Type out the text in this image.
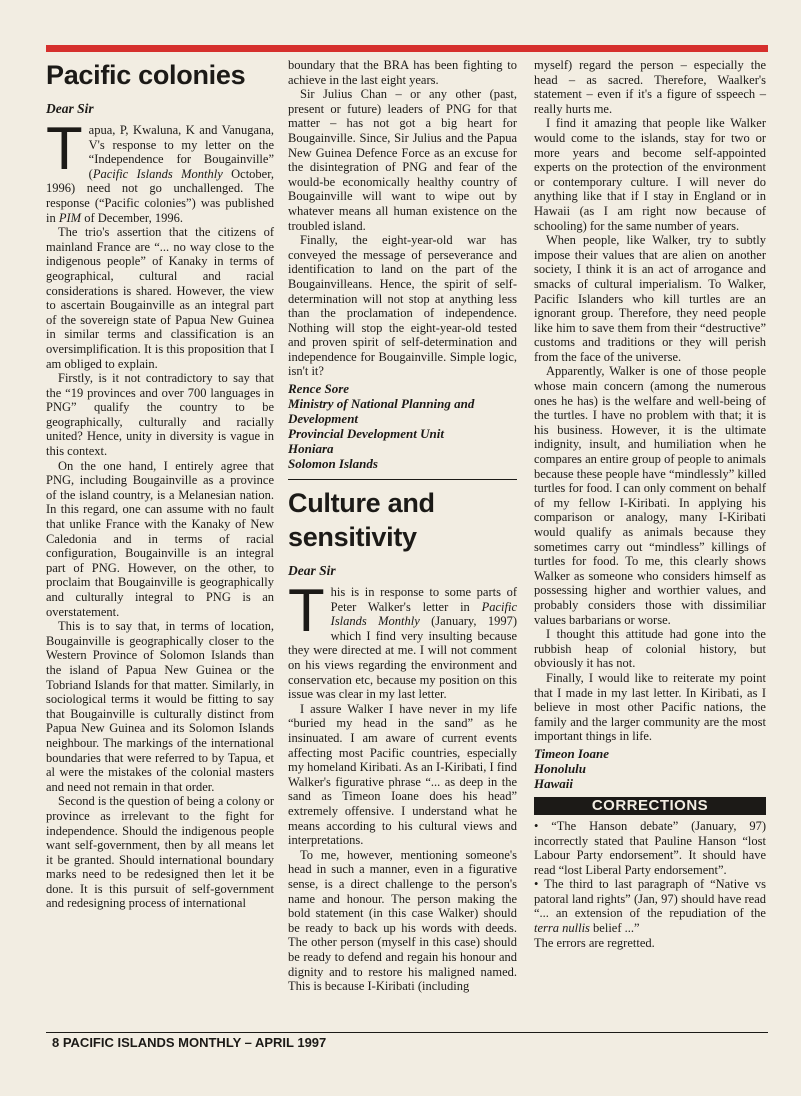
Pacific colonies
Dear Sir

Tapua, P, Kwaluna, K and Vanugana, V's response to my letter on the “Independence for Bougainville” (Pacific Islands Monthly October, 1996) need not go unchallenged. The response (“Pacific colonies”) was published in PIM of December, 1996.

The trio's assertion that the citizens of mainland France are “... no way close to the indigenous people” of Kanaky in terms of geographical, cultural and racial considerations is shared. However, the view to ascertain Bougainville as an integral part of the sovereign state of Papua New Guinea in similar terms and classification is an oversimplification. It is this proposition that I am obliged to explain.

Firstly, is it not contradictory to say that the “19 provinces and over 700 languages in PNG” qualify the country to be geographically, culturally and racially united? Hence, unity in diversity is vague in this context.

On the one hand, I entirely agree that PNG, including Bougainville as a province of the island country, is a Melanesian nation. In this regard, one can assume with no fault that unlike France with the Kanaky of New Caledonia and in terms of racial configuration, Bougainville is an integral part of PNG. However, on the other, to proclaim that Bougainville is geographically and culturally integral to PNG is an overstatement.

This is to say that, in terms of location, Bougainville is geographically closer to the Western Province of Solomon Islands than the island of Papua New Guinea or the Tobriand Islands for that matter. Similarly, in sociological terms it would be fitting to say that Bougainville is culturally distinct from Papua New Guinea and its Solomon Islands neighbour. The markings of the international boundaries that were referred to by Tapua, et al were the mistakes of the colonial masters and need not remain in that order.

Second is the question of being a colony or province as irrelevant to the fight for independence. Should the indigenous people want self-government, then by all means let it be granted. Should international boundary marks need to be redesigned then let it be done. It is this pursuit of self-government and redesigning process of international

boundary that the BRA has been fighting to achieve in the last eight years.

Sir Julius Chan – or any other (past, present or future) leaders of PNG for that matter – has not got a big heart for Bougainville. Since, Sir Julius and the Papua New Guinea Defence Force as an excuse for the disintegration of PNG and fear of the would-be economically healthy country of Bougainville will want to wipe out by whatever means all human existence on the troubled island.

Finally, the eight-year-old war has conveyed the message of perseverance and identification to land on the part of the Bougainvilleans. Hence, the spirit of self-determination will not stop at anything less than the proclamation of independence. Nothing will stop the eight-year-old tested and proven spirit of self-determination and independence for Bougainville. Simple logic, isn't it?

Rence Sore
Ministry of National Planning and Development
Provincial Development Unit
Honiara
Solomon Islands
Culture and sensitivity
Dear Sir

This is in response to some parts of Peter Walker's letter in Pacific Islands Monthly (January, 1997) which I find very insulting because they were directed at me. I will not comment on his views regarding the environment and conservation etc, because my position on this issue was clear in my last letter.

I assure Walker I have never in my life “buried my head in the sand” as he insinuated. I am aware of current events affecting most Pacific countries, especially my homeland Kiribati. As an I-Kiribati, I find Walker's figurative phrase “... as deep in the sand as Timeon Ioane does his head” extremely offensive. I understand what he means according to his cultural views and interpretations.

To me, however, mentioning someone's head in such a manner, even in a figurative sense, is a direct challenge to the person's name and honour. The person making the bold statement (in this case Walker) should be ready to back up his words with deeds. The other person (myself in this case) should be ready to defend and regain his honour and dignity and to restore his maligned named. This is because I-Kiribati (including

myself) regard the person – especially the head – as sacred. Therefore, Waalker's statement – even if it's a figure of sspeech – really hurts me.

I find it amazing that people like Walker would come to the islands, stay for two or more years and become self-appointed experts on the protection of the environment or contemporary culture. I will never do anything like that if I stay in England or in Hawaii (as I am right now because of schooling) for the same number of years.

When people, like Walker, try to subtly impose their values that are alien on another society, I think it is an act of arrogance and smacks of cultural imperialism. To Walker, Pacific Islanders who kill turtles are an ignorant group. Therefore, they need people like him to save them from their “destructive” customs and traditions or they will perish from the face of the universe.

Apparently, Walker is one of those people whose main concern (among the numerous ones he has) is the welfare and well-being of the turtles. I have no problem with that; it is his business. However, it is the ultimate indignity, insult, and humiliation when he compares an entire group of people to animals because these people have “mindlessly” killed turtles for food. I can only comment on behalf of my fellow I-Kiribati. In applying his comparison or analogy, many I-Kiribati would qualify as animals because they sometimes carry out “mindless” killings of turtles for food. To me, this clearly shows Walker as someone who considers himself as possessing higher and worthier values, and probably considers those with dissimiliar values barbarians or worse.

I thought this attitude had gone into the rubbish heap of colonial history, but obviously it has not.

Finally, I would like to reiterate my point that I made in my last letter. In Kiribati, as I believe in most other Pacific nations, the family and the larger community are the most important things in life.

Timeon Ioane
Honolulu
Hawaii
CORRECTIONS

• “The Hanson debate” (January, 97) incorrectly stated that Pauline Hanson “lost Labour Party endorsement”. It should have read “lost Liberal Party endorsement”.

• The third to last paragraph of “Native vs patoral land rights” (Jan, 97) should have read “... an extension of the repudiation of the terra nullis belief ...”

The errors are regretted.

8 PACIFIC ISLANDS MONTHLY – APRIL 1997
